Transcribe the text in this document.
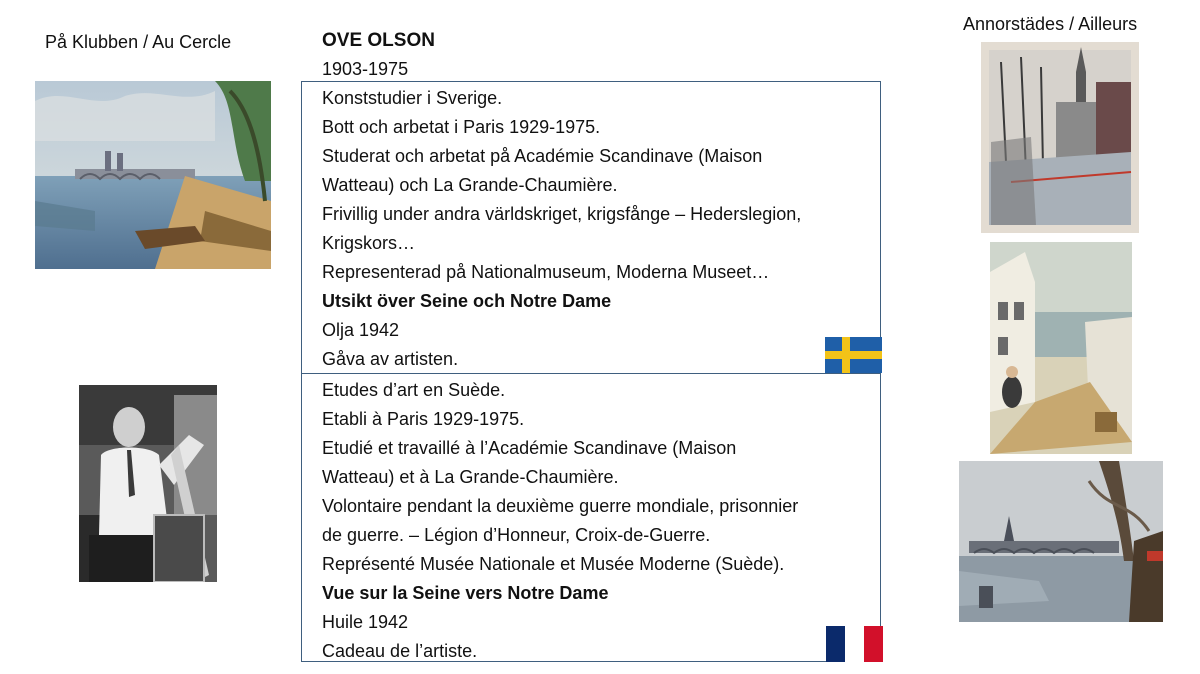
På Klubben / Au Cercle
Annorstädes / Ailleurs
OVE OLSON
1903-1975
Konststudier i Sverige.
Bott och arbetat i Paris 1929-1975.
Studerat och arbetat på Académie Scandinave (Maison
Watteau) och La Grande-Chaumière.
Frivillig under andra världskriget, krigsfånge – Hederslegion,
Krigskors…
Representerad på Nationalmuseum, Moderna Museet…
Utsikt över Seine och Notre Dame
Olja 1942
Gåva av artisten.
Etudes d’art en Suède.
Etabli à Paris 1929-1975.
Etudié et travaillé à l’Académie Scandinave (Maison
Watteau) et à La Grande-Chaumière.
Volontaire pendant la deuxième guerre mondiale, prisonnier
de guerre. – Légion d’Honneur, Croix-de-Guerre.
Représenté Musée Nationale et Musée Moderne (Suède).
Vue sur la Seine vers Notre Dame
Huile 1942
Cadeau de l’artiste.
